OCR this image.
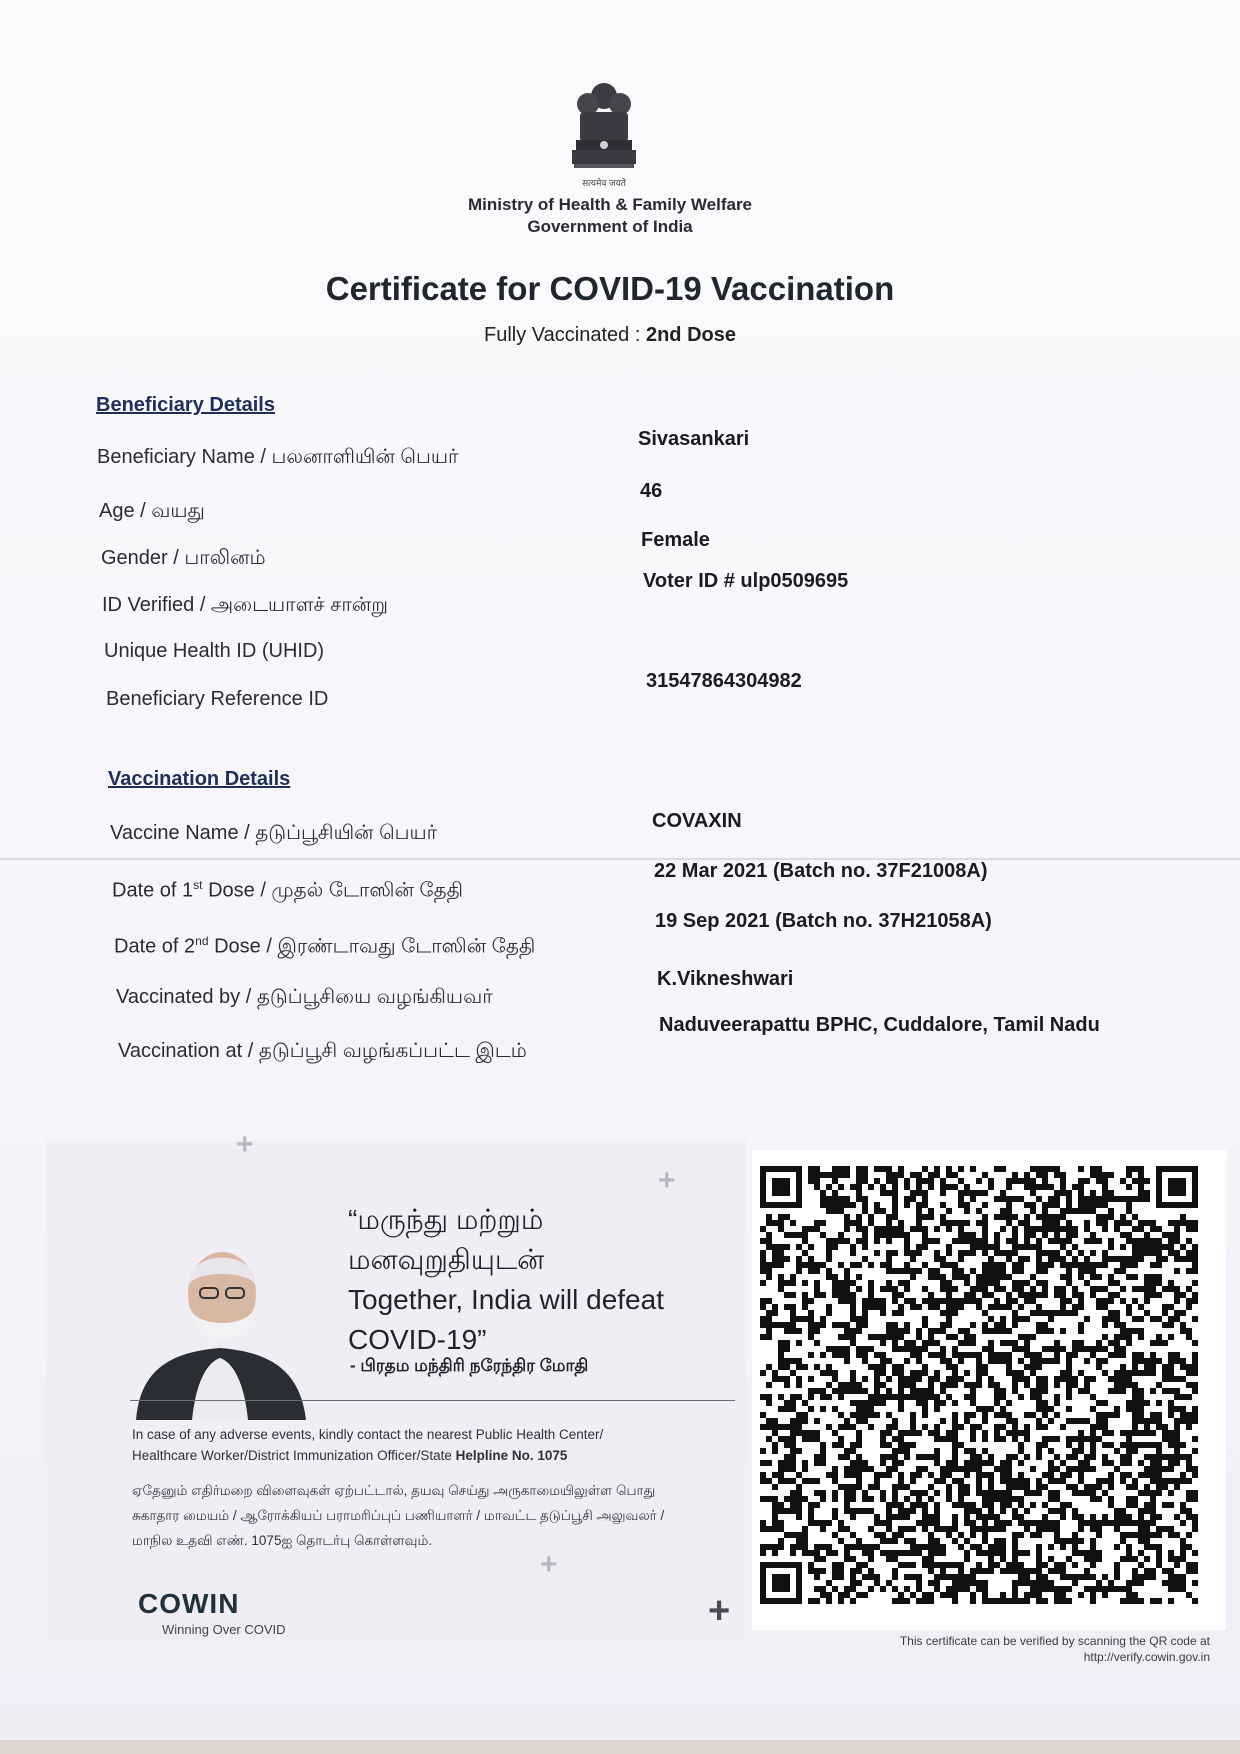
सत्यमेव जयते
Ministry of Health & Family Welfare
Government of India
Certificate for COVID-19 Vaccination
Fully Vaccinated : 2nd Dose
Beneficiary Details
Beneficiary Name / பலனாளியின் பெயர்
Sivasankari
Age / வயது
46
Gender / பாலினம்
Female
ID Verified / அடையாளச் சான்று
Voter ID # ulp0509695
Unique Health ID (UHID)
Beneficiary Reference ID
31547864304982
Vaccination Details
Vaccine Name / தடுப்பூசியின் பெயர்
COVAXIN
Date of 1st Dose / முதல் டோஸின் தேதி
22 Mar 2021 (Batch no. 37F21008A)
Date of 2nd Dose / இரண்டாவது டோஸின் தேதி
19 Sep 2021 (Batch no. 37H21058A)
Vaccinated by / தடுப்பூசியை வழங்கியவர்
K.Vikneshwari
Vaccination at / தடுப்பூசி வழங்கப்பட்ட இடம்
Naduveerapattu BPHC, Cuddalore, Tamil Nadu
“மருந்து மற்றும்
மனவுறுதியுடன்
Together, India will defeat
COVID-19”
- பிரதம மந்திரி நரேந்திர மோதி
In case of any adverse events, kindly contact the nearest Public Health Center/
Healthcare Worker/District Immunization Officer/State Helpline No. 1075
ஏதேனும் எதிர்மறை விளைவுகள் ஏற்பட்டால், தயவு செய்து அருகாமையிலுள்ள பொது
சுகாதார மையம் / ஆரோக்கியப் பராமரிப்புப் பணியாளர் / மாவட்ட தடுப்பூசி அலுவலர் /
மாநில உதவி எண். 1075ஐ தொடர்பு கொள்ளவும்.
COWIN
Winning Over COVID
+
+
+
+
This certificate can be verified by scanning the QR code at
http://verify.cowin.gov.in
